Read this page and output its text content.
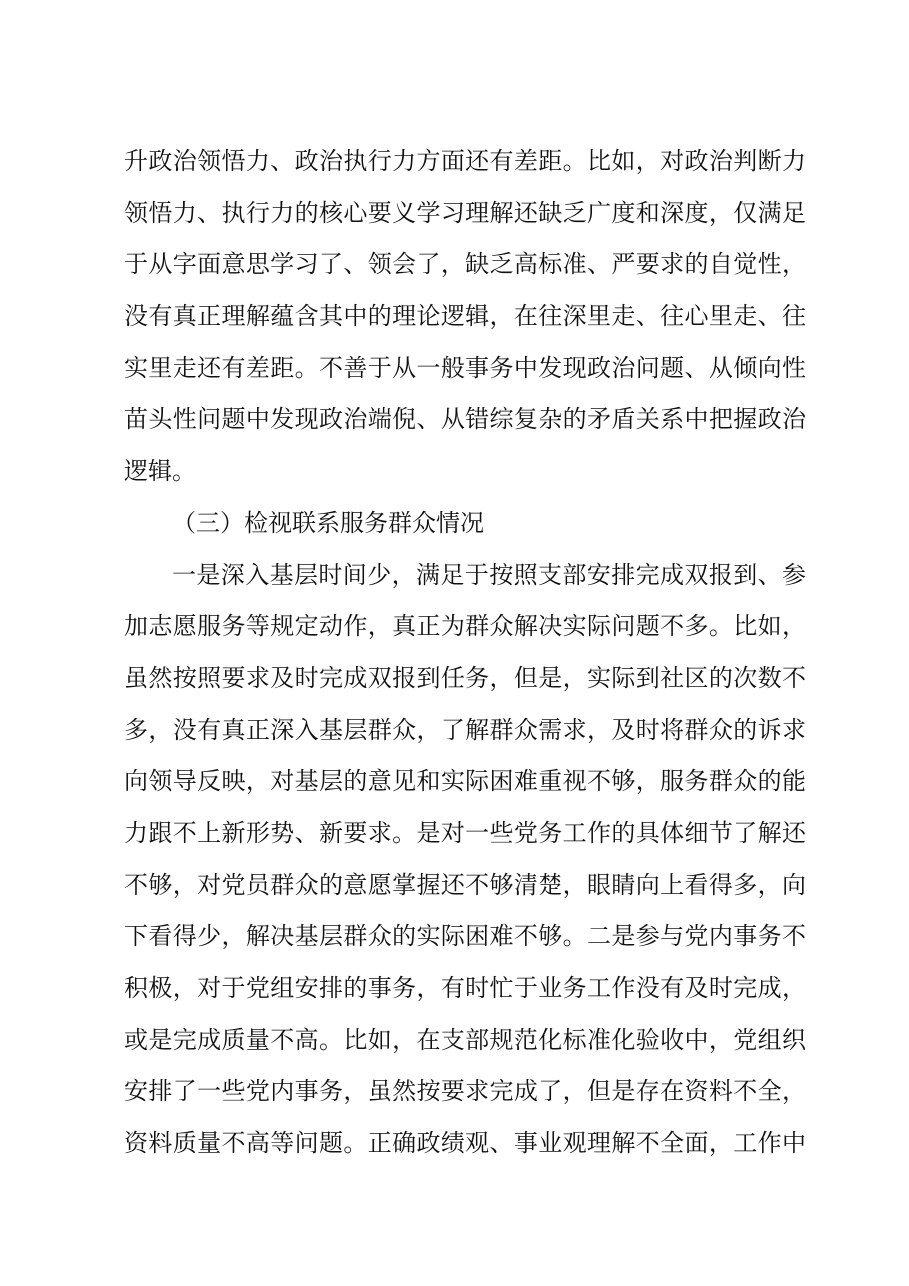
升政治领悟力、政治执行力方面还有差距。比如，对政治判断力
领悟力、执行力的核心要义学习理解还缺乏广度和深度，仅满足
于从字面意思学习了、领会了，缺乏高标准、严要求的自觉性，
没有真正理解蕴含其中的理论逻辑，在往深里走、往心里走、往
实里走还有差距。不善于从一般事务中发现政治问题、从倾向性
苗头性问题中发现政治端倪、从错综复杂的矛盾关系中把握政治
逻辑。
（三）检视联系服务群众情况
一是深入基层时间少，满足于按照支部安排完成双报到、参
加志愿服务等规定动作，真正为群众解决实际问题不多。比如，
虽然按照要求及时完成双报到任务，但是，实际到社区的次数不
多，没有真正深入基层群众，了解群众需求，及时将群众的诉求
向领导反映，对基层的意见和实际困难重视不够，服务群众的能
力跟不上新形势、新要求。是对一些党务工作的具体细节了解还
不够，对党员群众的意愿掌握还不够清楚，眼睛向上看得多，向
下看得少，解决基层群众的实际困难不够。二是参与党内事务不
积极，对于党组安排的事务，有时忙于业务工作没有及时完成，
或是完成质量不高。比如，在支部规范化标准化验收中，党组织
安排了一些党内事务，虽然按要求完成了，但是存在资料不全，
资料质量不高等问题。正确政绩观、事业观理解不全面，工作中
